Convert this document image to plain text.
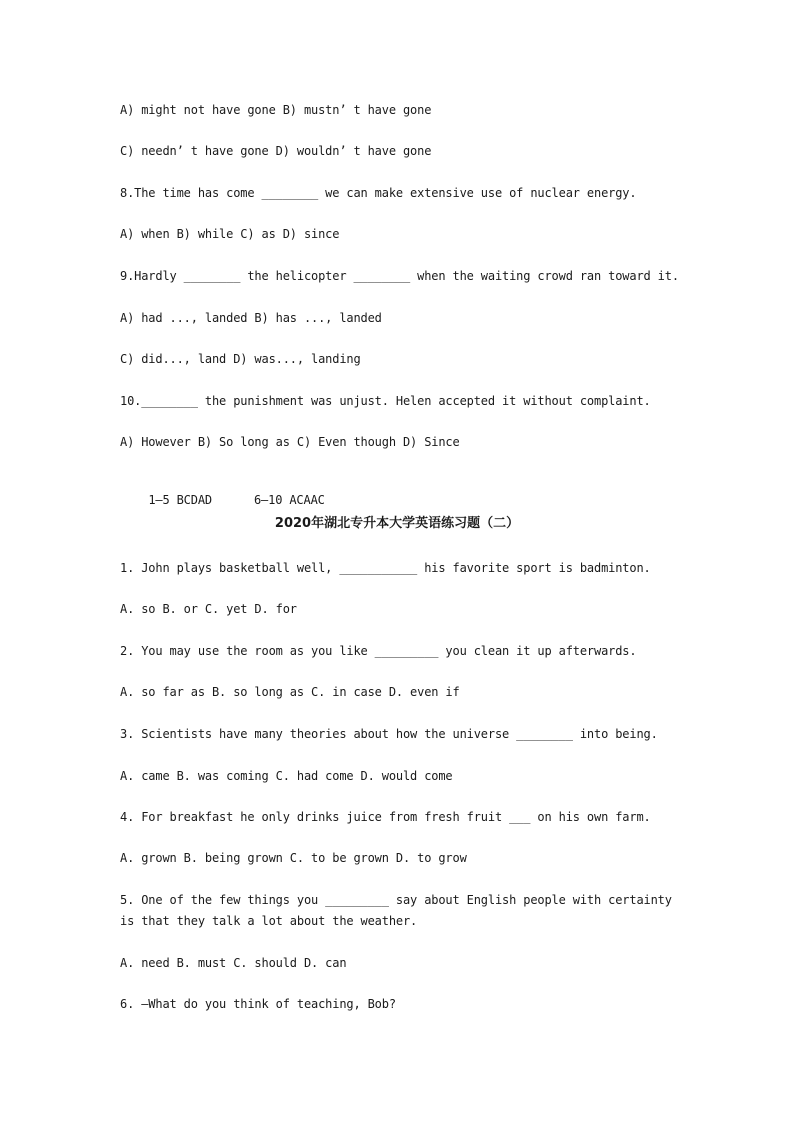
A) might not have gone B) mustn’ t have gone
C) needn’ t have gone D) wouldn’ t have gone
8.The time has come ________ we can make extensive use of nuclear energy.
A) when B) while C) as D) since
9.Hardly ________ the helicopter ________ when the waiting crowd ran toward it.
A) had ..., landed B) has ..., landed
C) did..., land D) was..., landing
10.________ the punishment was unjust. Helen accepted it without complaint.
A) However B) So long as C) Even though D) Since

1—5 BCDAD	6—10 ACAAC

2020年湖北专升本大学英语练习题（二）
1. John plays basketball well, ___________ his favorite sport is badminton.
A. so B. or C. yet D. for
2. You may use the room as you like _________ you clean it up afterwards.
A. so far as B. so long as C. in case D. even if
3. Scientists have many theories about how the universe ________ into being.
A. came B. was coming C. had come D. would come
4. For breakfast he only drinks juice from fresh fruit ___ on his own farm.
A. grown B. being grown C. to be grown D. to grow
5. One of the few things you _________ say about English people with certainty is that they talk a lot about the weather.
A. need B. must C. should D. can
6. –What do you think of teaching, Bob?
